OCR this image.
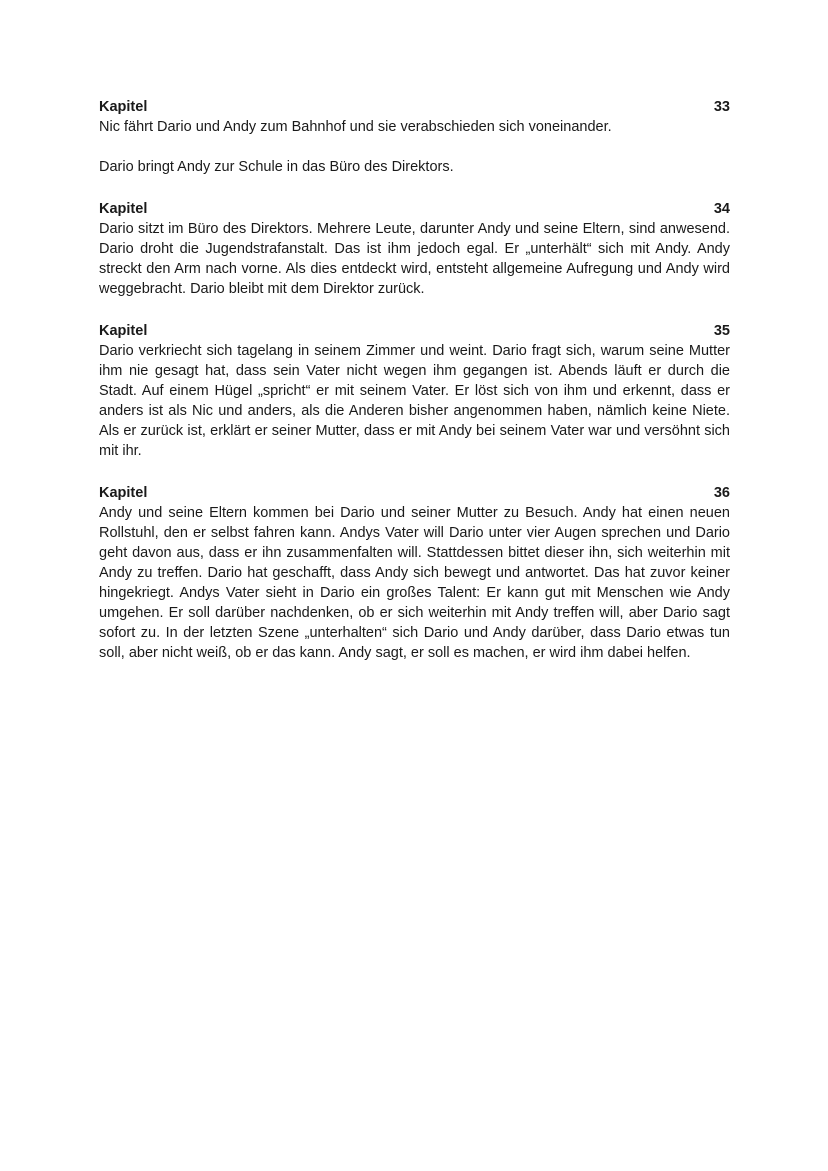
Kapitel	33

Nic fährt Dario und Andy zum Bahnhof und sie verabschieden sich voneinander.

Dario bringt Andy zur Schule in das Büro des Direktors.

Kapitel	34

Dario sitzt im Büro des Direktors. Mehrere Leute, darunter Andy und seine Eltern, sind anwesend. Dario droht die Jugendstrafanstalt. Das ist ihm jedoch egal. Er „unterhält“ sich mit Andy. Andy streckt den Arm nach vorne. Als dies entdeckt wird, entsteht allgemeine Aufregung und Andy wird weggebracht. Dario bleibt mit dem Direktor zurück.

Kapitel	35

Dario verkriecht sich tagelang in seinem Zimmer und weint. Dario fragt sich, warum seine Mutter ihm nie gesagt hat, dass sein Vater nicht wegen ihm gegangen ist. Abends läuft er durch die Stadt. Auf einem Hügel „spricht“ er mit seinem Vater. Er löst sich von ihm und erkennt, dass er anders ist als Nic und anders, als die Anderen bisher angenommen haben, nämlich keine Niete. Als er zurück ist, erklärt er seiner Mutter, dass er mit Andy bei seinem Vater war und versöhnt sich mit ihr.

Kapitel	36

Andy und seine Eltern kommen bei Dario und seiner Mutter zu Besuch. Andy hat einen neuen Rollstuhl, den er selbst fahren kann. Andys Vater will Dario unter vier Augen sprechen und Dario geht davon aus, dass er ihn zusammenfalten will. Stattdessen bittet dieser ihn, sich weiterhin mit Andy zu treffen. Dario hat geschafft, dass Andy sich bewegt und antwortet. Das hat zuvor keiner hingekriegt. Andys Vater sieht in Dario ein großes Talent: Er kann gut mit Menschen wie Andy umgehen. Er soll darüber nachdenken, ob er sich weiterhin mit Andy treffen will, aber Dario sagt sofort zu. In der letzten Szene „unterhalten“ sich Dario und Andy darüber, dass Dario etwas tun soll, aber nicht weiß, ob er das kann. Andy sagt, er soll es machen, er wird ihm dabei helfen.
